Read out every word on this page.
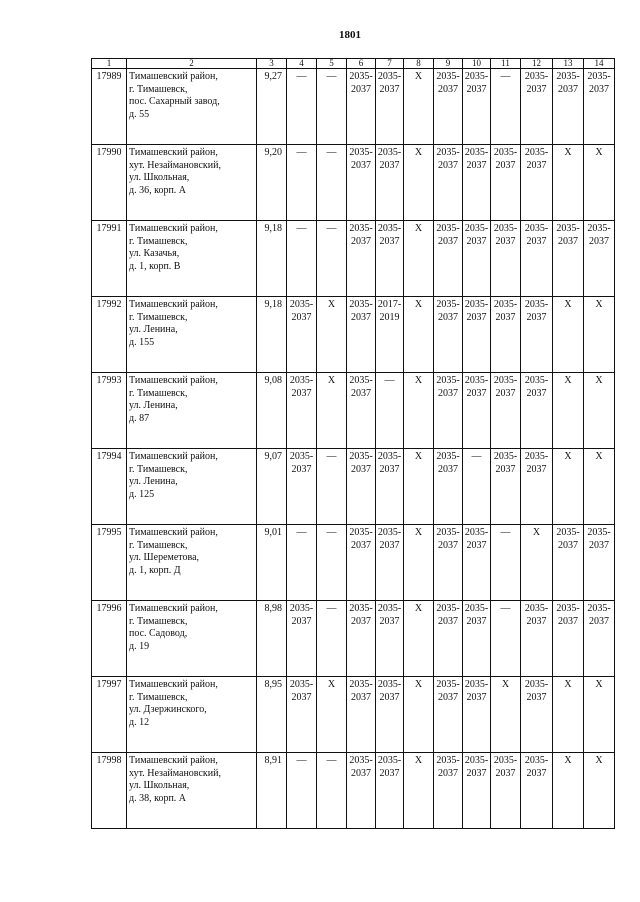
1801
1	2	3	4	5	6	7	8	9	10	11	12	13	14

17989	Тимашевский район,
г. Тимашевск,
пос. Сахарный завод,
д. 55	9,27	—	—	2035-
2037	2035-
2037	X	2035-
2037	2035-
2037	—	2035-
2037	2035-
2037	2035-
2037

17990	Тимашевский район,
хут. Незаймановский,
ул. Школьная,
д. 36, корп. А	9,20	—	—	2035-
2037	2035-
2037	X	2035-
2037	2035-
2037	2035-
2037	2035-
2037	X	X

17991	Тимашевский район,
г. Тимашевск,
ул. Казачья,
д. 1, корп. В	9,18	—	—	2035-
2037	2035-
2037	X	2035-
2037	2035-
2037	2035-
2037	2035-
2037	2035-
2037	2035-
2037

17992	Тимашевский район,
г. Тимашевск,
ул. Ленина,
д. 155	9,18	2035-
2037	X	2035-
2037	2017-
2019	X	2035-
2037	2035-
2037	2035-
2037	2035-
2037	X	X

17993	Тимашевский район,
г. Тимашевск,
ул. Ленина,
д. 87	9,08	2035-
2037	X	2035-
2037	—	X	2035-
2037	2035-
2037	2035-
2037	2035-
2037	X	X

17994	Тимашевский район,
г. Тимашевск,
ул. Ленина,
д. 125	9,07	2035-
2037	—	2035-
2037	2035-
2037	X	2035-
2037	—	2035-
2037	2035-
2037	X	X

17995	Тимашевский район,
г. Тимашевск,
ул. Шереметова,
д. 1, корп. Д	9,01	—	—	2035-
2037	2035-
2037	X	2035-
2037	2035-
2037	—	X	2035-
2037	2035-
2037

17996	Тимашевский район,
г. Тимашевск,
пос. Садовод,
д. 19	8,98	2035-
2037	—	2035-
2037	2035-
2037	X	2035-
2037	2035-
2037	—	2035-
2037	2035-
2037	2035-
2037

17997	Тимашевский район,
г. Тимашевск,
ул. Дзержинского,
д. 12	8,95	2035-
2037	X	2035-
2037	2035-
2037	X	2035-
2037	2035-
2037	X	2035-
2037	X	X

17998	Тимашевский район,
хут. Незаймановский,
ул. Школьная,
д. 38, корп. А	8,91	—	—	2035-
2037	2035-
2037	X	2035-
2037	2035-
2037	2035-
2037	2035-
2037	X	X
